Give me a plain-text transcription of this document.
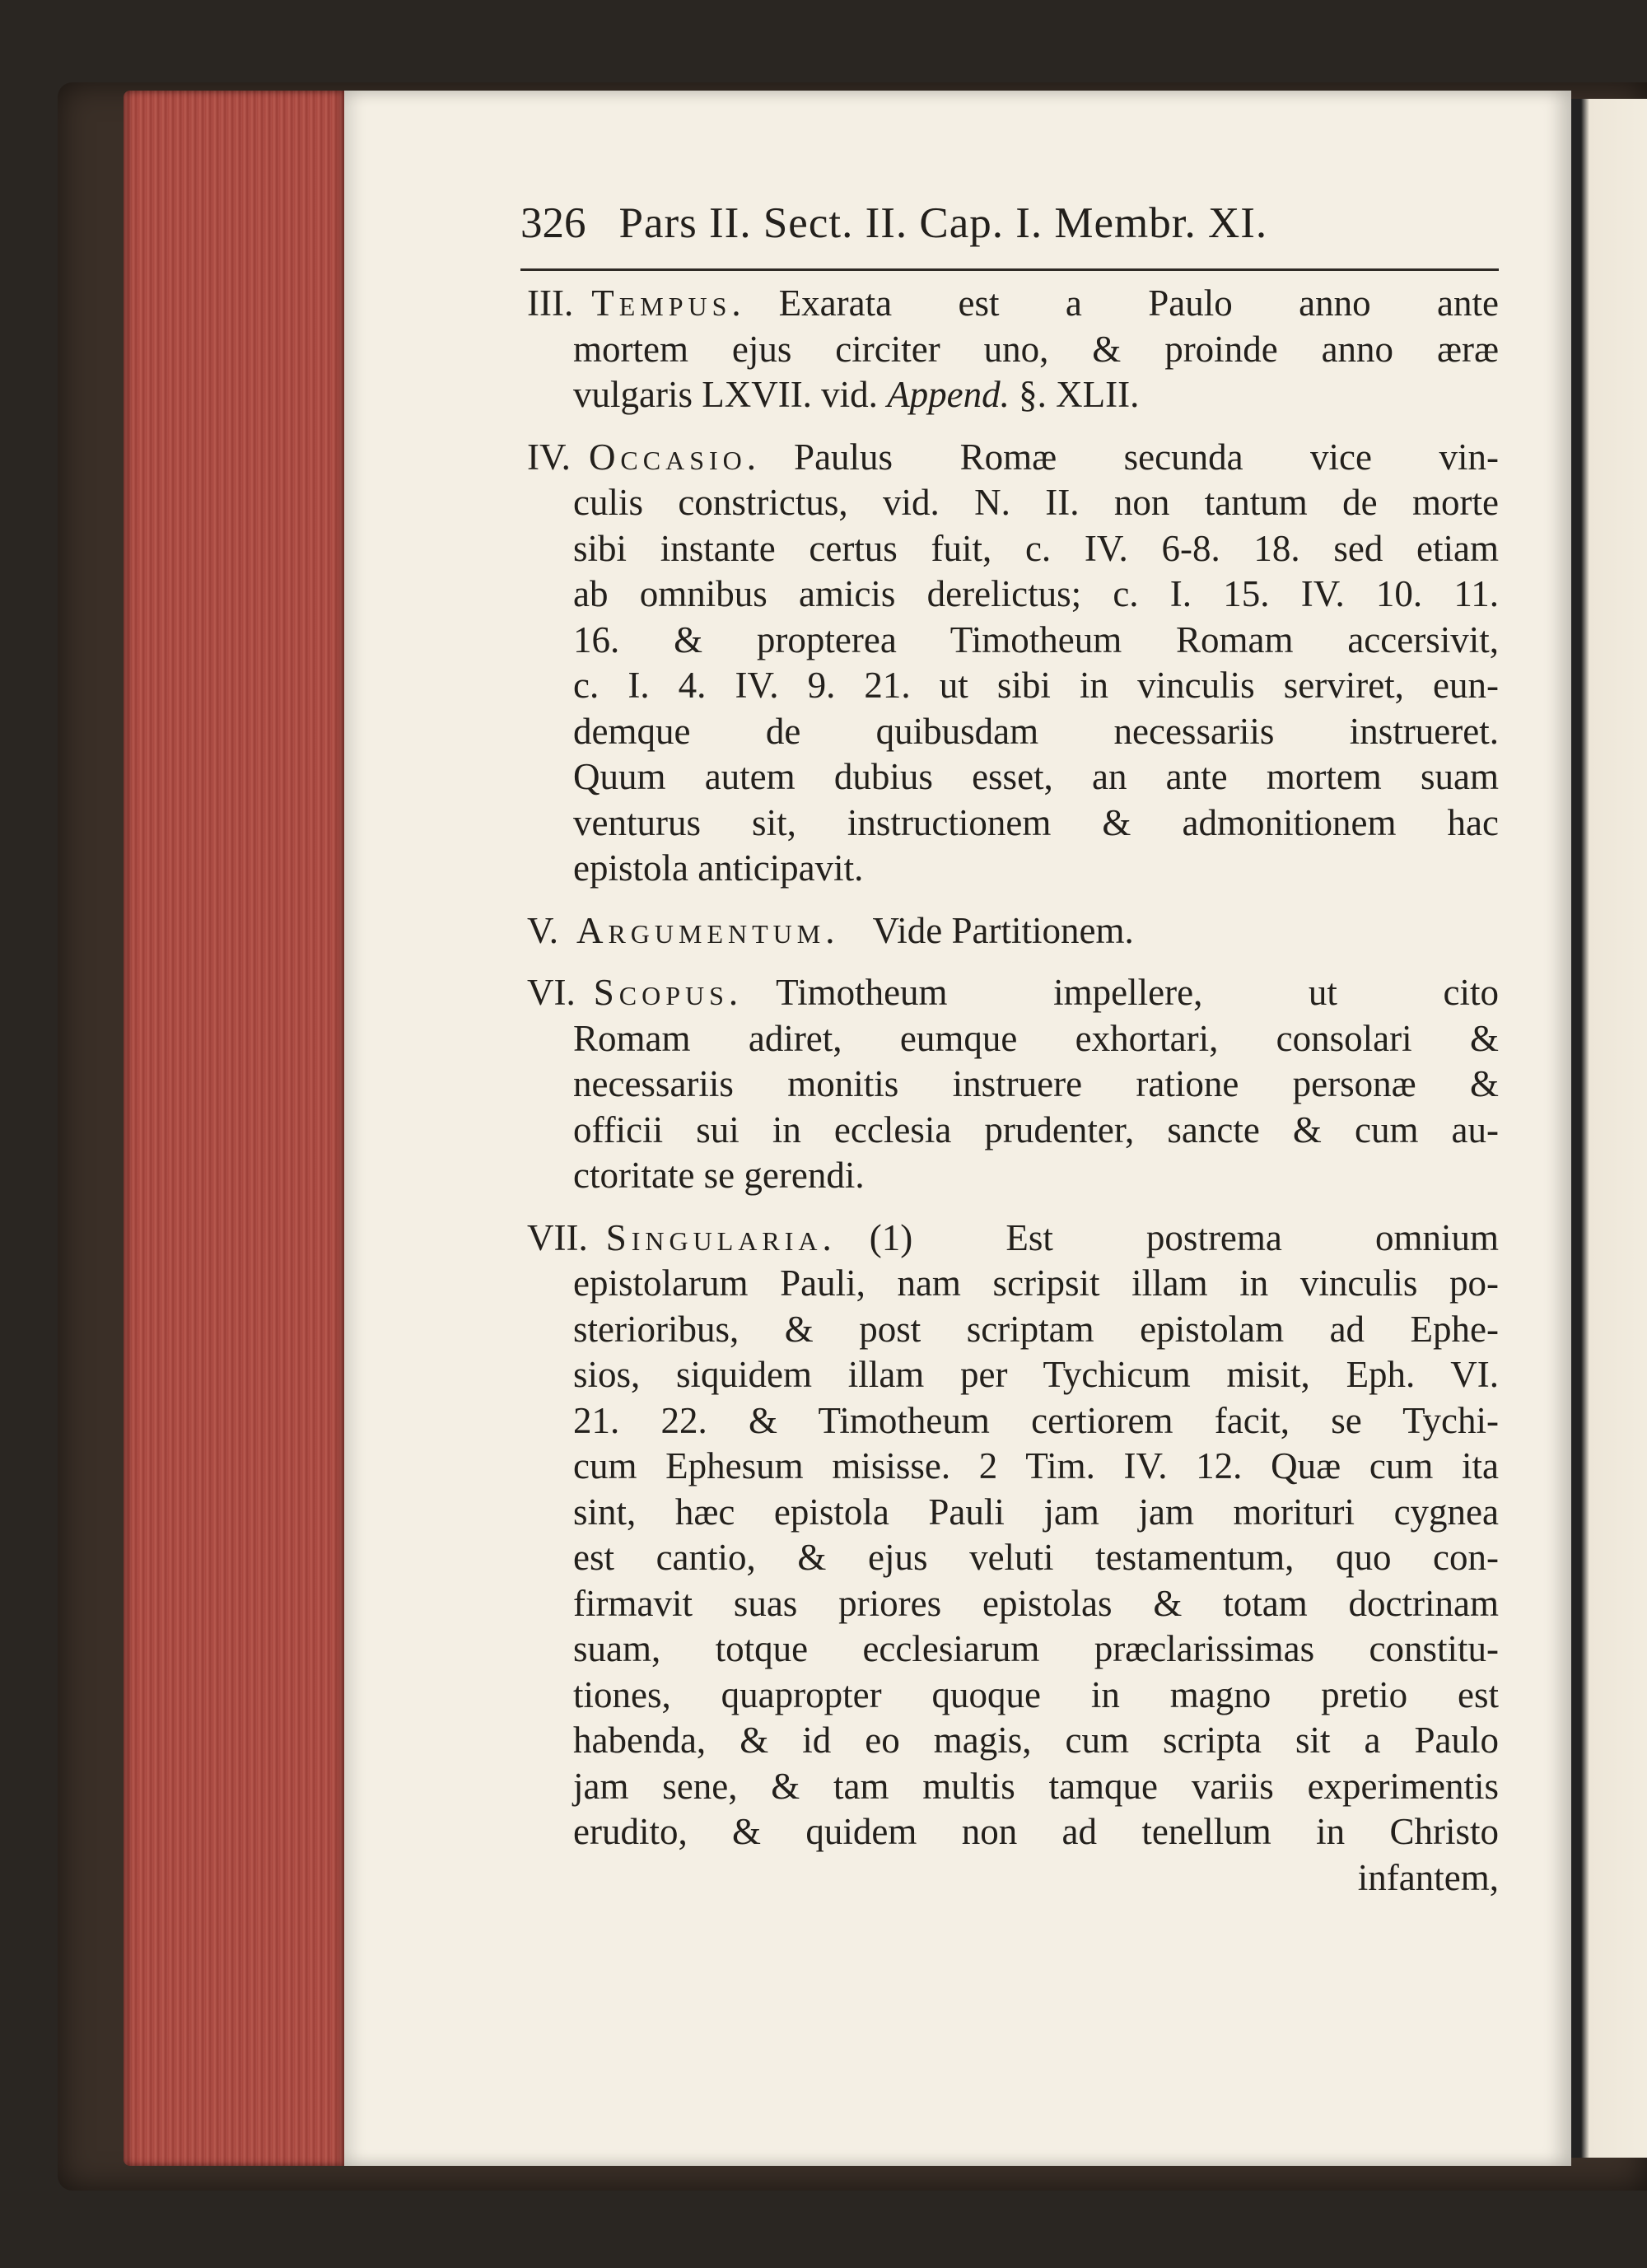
326 Pars II. Sect. II. Cap. I. Membr. XI.
III. Tempus. Exarata est a Paulo anno ante
mortem ejus circiter uno, & proinde anno æræ
vulgaris LXVII. vid. Append. §. XLII.
IV. Occasio. Paulus Romæ secunda vice vin-
culis constrictus, vid. N. II. non tantum de morte
sibi instante certus fuit, c. IV. 6-8. 18. sed etiam
ab omnibus amicis derelictus; c. I. 15. IV. 10. 11.
16. & propterea Timotheum Romam accersivit,
c. I. 4. IV. 9. 21. ut sibi in vinculis serviret, eun-
demque de quibusdam necessariis instrueret.
Quum autem dubius esset, an ante mortem suam
venturus sit, instructionem & admonitionem hac
epistola anticipavit.
V. Argumentum. Vide Partitionem.
VI. Scopus. Timotheum impellere, ut cito
Romam adiret, eumque exhortari, consolari &
necessariis monitis instruere ratione personæ &
officii sui in ecclesia prudenter, sancte & cum au-
ctoritate se gerendi.
VII. Singularia. (1) Est postrema omnium
epistolarum Pauli, nam scripsit illam in vinculis po-
sterioribus, & post scriptam epistolam ad Ephe-
sios, siquidem illam per Tychicum misit, Eph. VI.
21. 22. & Timotheum certiorem facit, se Tychi-
cum Ephesum misisse. 2 Tim. IV. 12. Quæ cum ita
sint, hæc epistola Pauli jam jam morituri cygnea
est cantio, & ejus veluti testamentum, quo con-
firmavit suas priores epistolas & totam doctrinam
suam, totque ecclesiarum præclarissimas constitu-
tiones, quapropter quoque in magno pretio est
habenda, & id eo magis, cum scripta sit a Paulo
jam sene, & tam multis tamque variis experimentis
erudito, & quidem non ad tenellum in Christo
infantem,
